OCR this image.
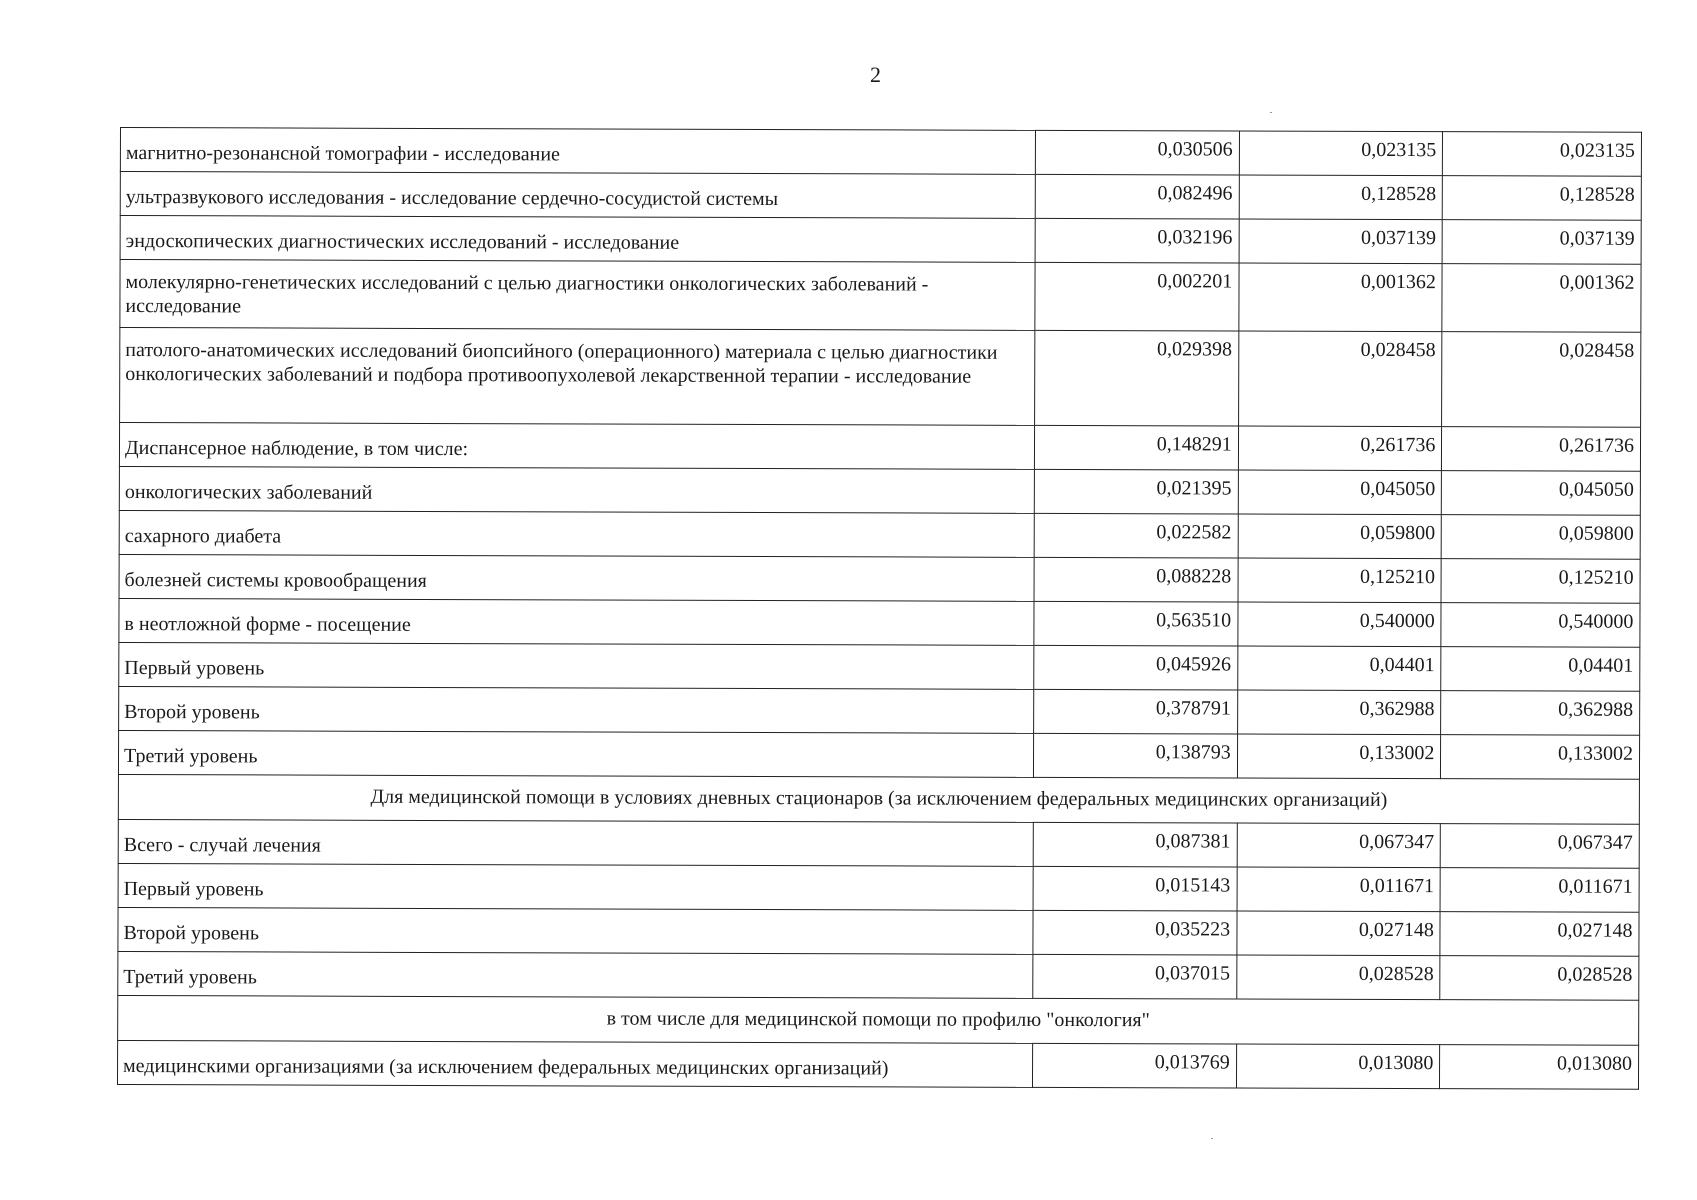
2
магнитно-резонансной томографии - исследование	0,030506	0,023135	0,023135
ультразвукового исследования - исследование сердечно-сосудистой системы	0,082496	0,128528	0,128528
эндоскопических диагностических исследований - исследование	0,032196	0,037139	0,037139
молекулярно-генетических исследований с целью диагностики онкологических заболеваний - исследование	0,002201	0,001362	0,001362
патолого-анатомических исследований биопсийного (операционного) материала с целью диагностики онкологических заболеваний и подбора противоопухолевой лекарственной терапии - исследование	0,029398	0,028458	0,028458
Диспансерное наблюдение, в том числе:	0,148291	0,261736	0,261736
онкологических заболеваний	0,021395	0,045050	0,045050
сахарного диабета	0,022582	0,059800	0,059800
болезней системы кровообращения	0,088228	0,125210	0,125210
в неотложной форме - посещение	0,563510	0,540000	0,540000
Первый уровень	0,045926	0,04401	0,04401
Второй уровень	0,378791	0,362988	0,362988
Третий уровень	0,138793	0,133002	0,133002
Для медицинской помощи в условиях дневных стационаров (за исключением федеральных медицинских организаций)			
Всего - случай лечения	0,087381	0,067347	0,067347
Первый уровень	0,015143	0,011671	0,011671
Второй уровень	0,035223	0,027148	0,027148
Третий уровень	0,037015	0,028528	0,028528
в том числе для медицинской помощи по профилю "онкология"			
медицинскими организациями (за исключением федеральных медицинских организаций)	0,013769	0,013080	0,013080
